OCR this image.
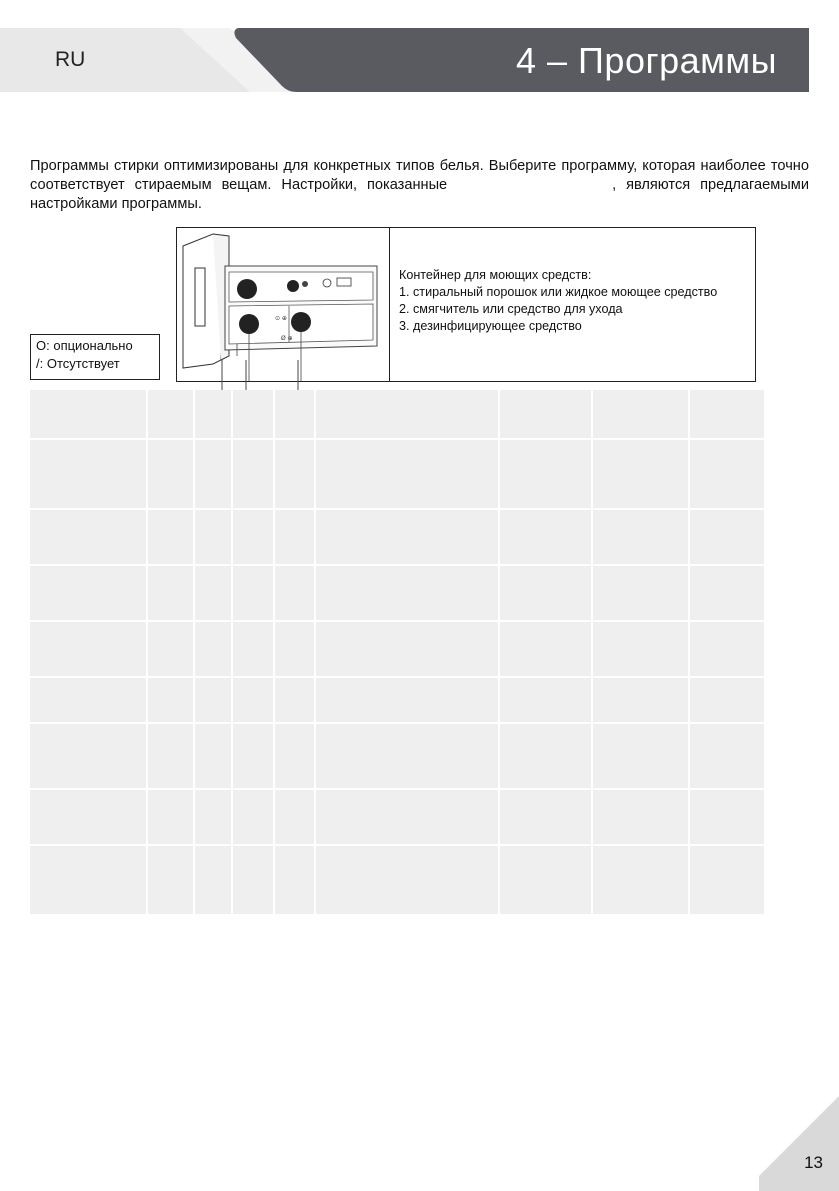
RU	4 – Программы

Программы стирки оптимизированы для конкретных типов белья. Выберите программу, которая наиболее точно соответствует стираемым вещам. Настройки, показанные	, являются предлагаемыми настройками программы.

O: опционально
/: Отсутствует
Ø ⊕
⊙ ⊕
Контейнер для моющих средств:
1. стиральный порошок или жидкое моющее средство
2. смягчитель или средство для ухода
3. дезинфицирующее средство
13
